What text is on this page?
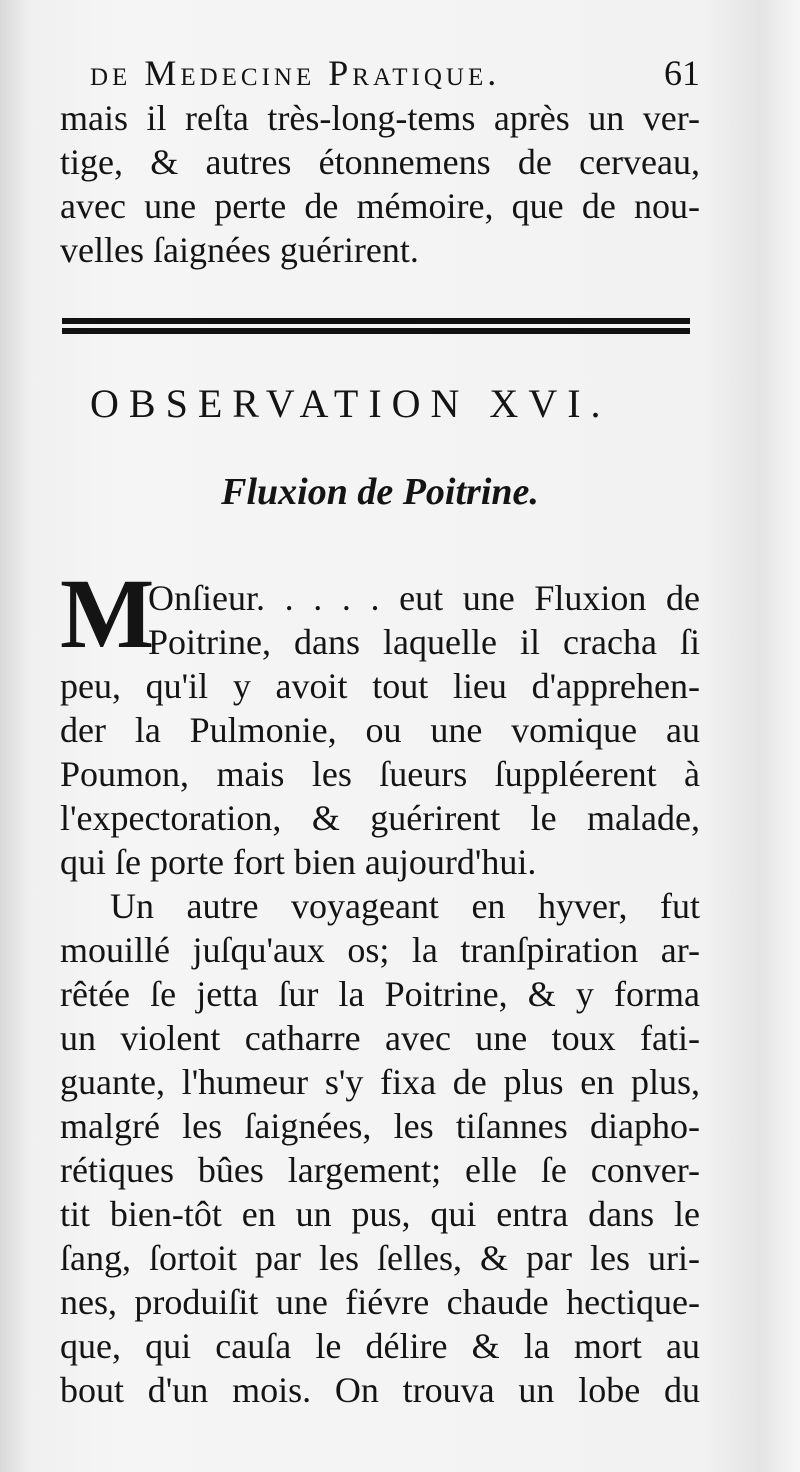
de Medecine Pratique.	61
mais il reſta très-long-tems après un ver-
tige, & autres étonnemens de cerveau,
avec une perte de mémoire, que de nou-
velles ſaignées guérirent.
OBSERVATION XVI.
Fluxion de Poitrine.
M
Onſieur. . . . . eut une Fluxion de
Poitrine, dans laquelle il cracha ſi
peu, qu'il y avoit tout lieu d'apprehen-
der la Pulmonie, ou une vomique au
Poumon, mais les ſueurs ſuppléerent à
l'expectoration, & guérirent le malade,
qui ſe porte fort bien aujourd'hui.
Un autre voyageant en hyver, fut
mouillé juſqu'aux os; la tranſpiration ar-
rêtée ſe jetta ſur la Poitrine, & y forma
un violent catharre avec une toux fati-
guante, l'humeur s'y fixa de plus en plus,
malgré les ſaignées, les tiſannes diapho-
rétiques bûes largement; elle ſe conver-
tit bien-tôt en un pus, qui entra dans le
ſang, ſortoit par les ſelles, & par les uri-
nes, produiſit une fiévre chaude hectique-
que, qui cauſa le délire & la mort au
bout d'un mois. On trouva un lobe du
